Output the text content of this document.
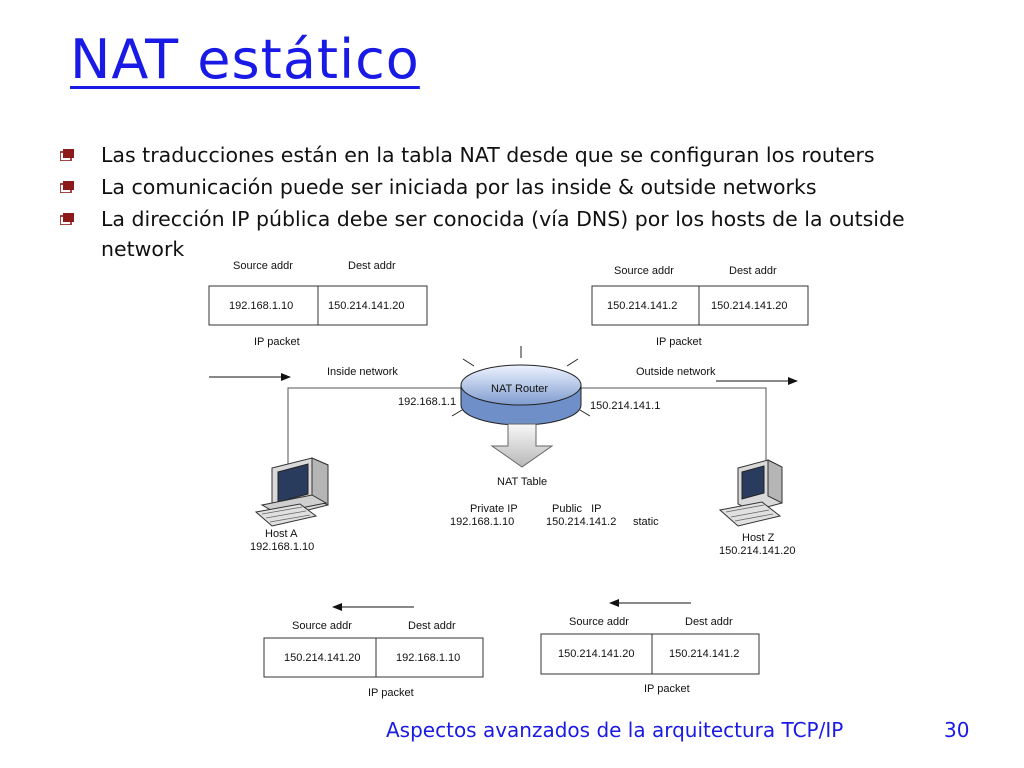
NAT estático
Las traducciones están en la tabla NAT desde que se configuran los routers
La comunicación puede ser iniciada por las inside & outside networks
La dirección IP pública debe ser conocida (vía DNS) por los hosts de la outside network
Source addr	Dest addr
192.168.1.10	150.214.141.20
IP packet
Source addr	Dest addr
150.214.141.2	150.214.141.20
IP packet
Inside network	Outside network
NAT Router
192.168.1.1	150.214.141.1
NAT Table
Private IP	Public   IP
192.168.1.10	150.214.141.2 static
Host A
192.168.1.10
Host Z
150.214.141.20
Source addr	Dest addr
150.214.141.20	192.168.1.10
IP packet
Source addr	Dest addr
150.214.141.20	150.214.141.2
IP packet
Aspectos avanzados de la arquitectura TCP/IP	30
